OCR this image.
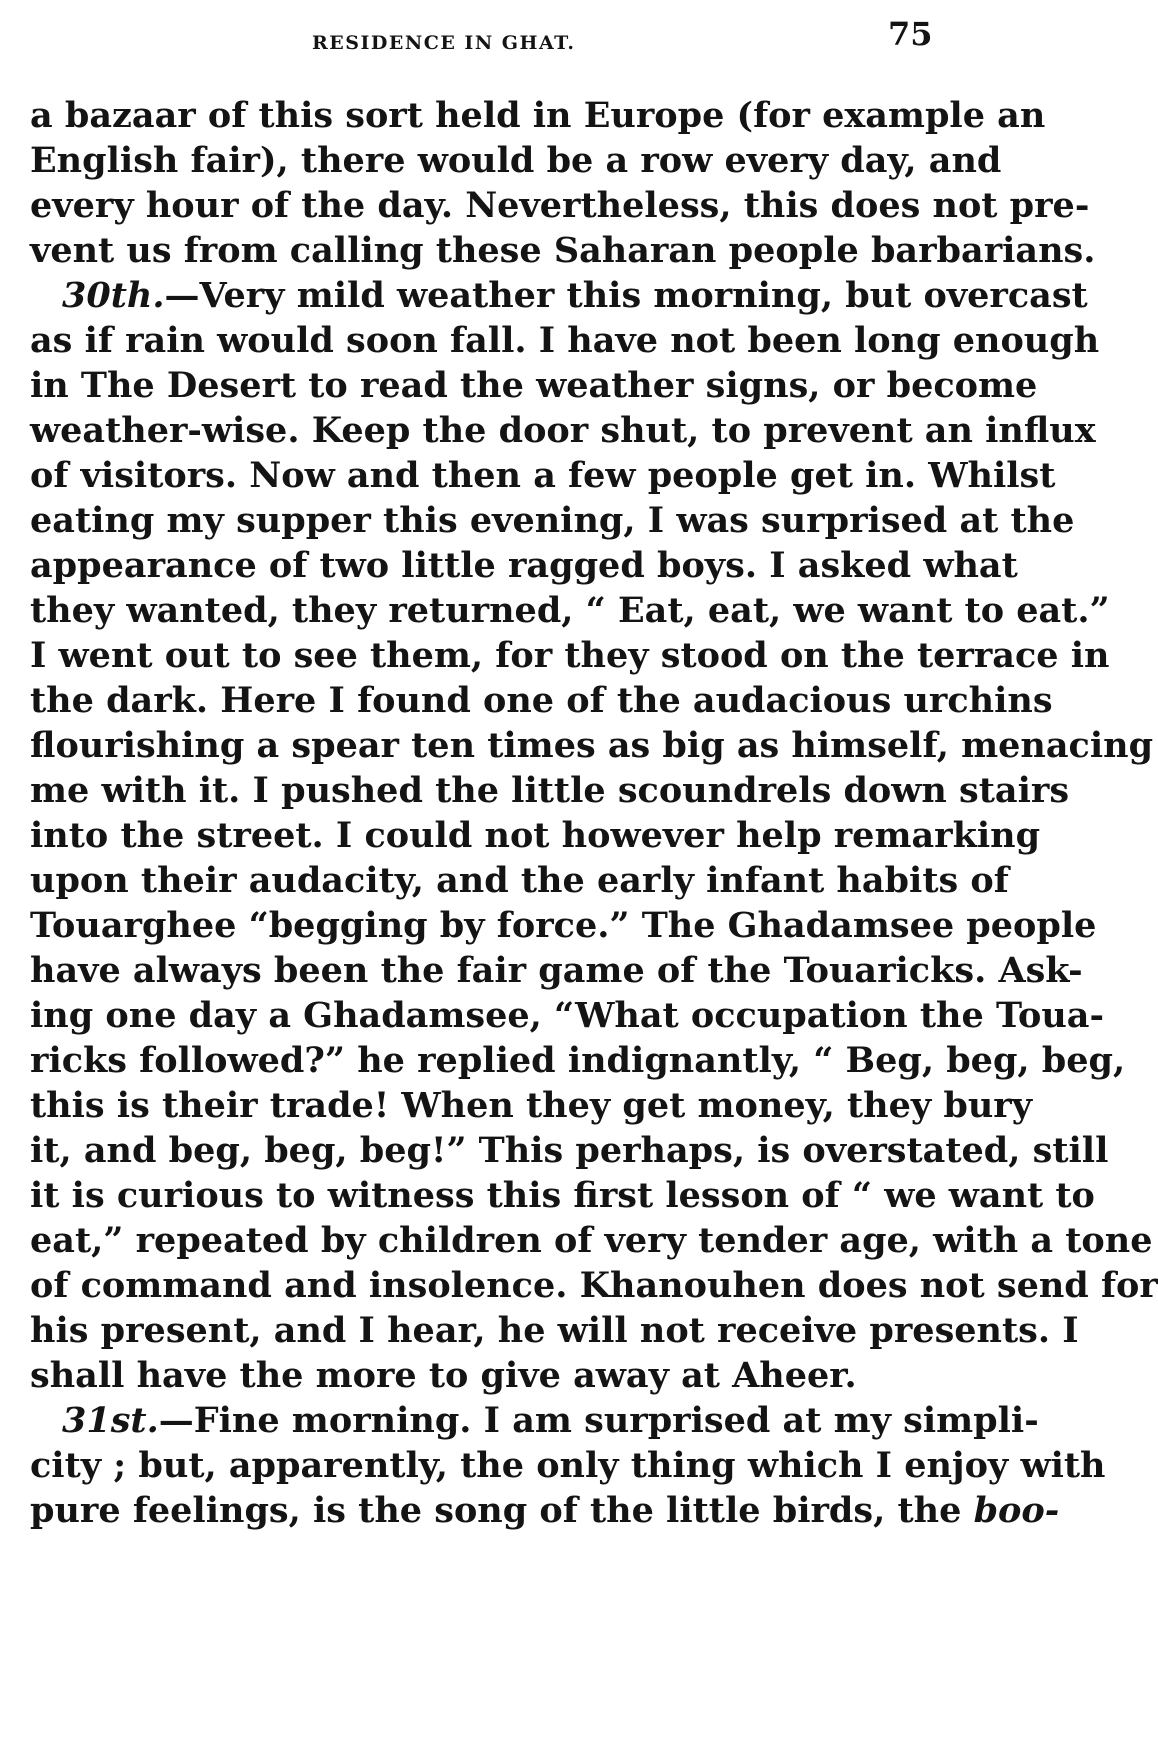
RESIDENCE IN GHAT.	75
a bazaar of this sort held in Europe (for example an
English fair), there would be a row every day, and
every hour of the day. Nevertheless, this does not pre-
vent us from calling these Saharan people barbarians.
30th.—Very mild weather this morning, but overcast
as if rain would soon fall. I have not been long enough
in The Desert to read the weather signs, or become
weather-wise. Keep the door shut, to prevent an influx
of visitors. Now and then a few people get in. Whilst
eating my supper this evening, I was surprised at the
appearance of two little ragged boys. I asked what
they wanted, they returned, “ Eat, eat, we want to eat.”
I went out to see them, for they stood on the terrace in
the dark. Here I found one of the audacious urchins
flourishing a spear ten times as big as himself, menacing
me with it. I pushed the little scoundrels down stairs
into the street. I could not however help remarking
upon their audacity, and the early infant habits of
Touarghee “begging by force.” The Ghadamsee people
have always been the fair game of the Touaricks. Ask-
ing one day a Ghadamsee, “What occupation the Toua-
ricks followed?” he replied indignantly, “ Beg, beg, beg,
this is their trade! When they get money, they bury
it, and beg, beg, beg!” This perhaps, is overstated, still
it is curious to witness this first lesson of “ we want to
eat,” repeated by children of very tender age, with a tone
of command and insolence. Khanouhen does not send for
his present, and I hear, he will not receive presents. I
shall have the more to give away at Aheer.
31st.—Fine morning. I am surprised at my simpli-
city ; but, apparently, the only thing which I enjoy with
pure feelings, is the song of the little birds, the boo-
